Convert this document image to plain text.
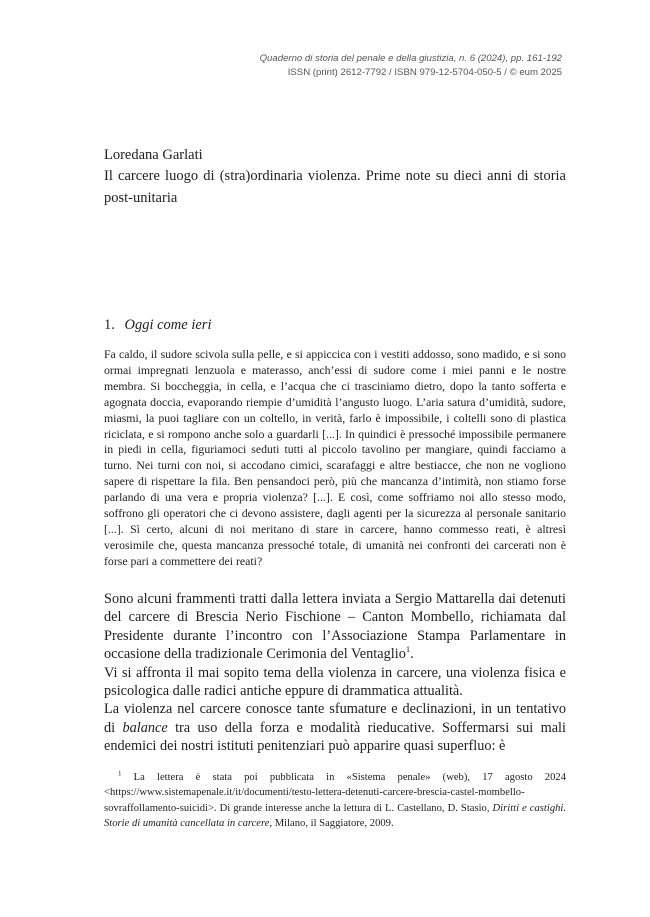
Quaderno di storia del penale e della giustizia, n. 6 (2024), pp. 161-192
ISSN (print) 2612-7792 / ISBN 979-12-5704-050-5 / © eum 2025
Loredana Garlati
Il carcere luogo di (stra)ordinaria violenza. Prime note su dieci anni di storia post-unitaria
1. Oggi come ieri

Fa caldo, il sudore scivola sulla pelle, e si appiccica con i vestiti addosso, sono madido, e si sono ormai impregnati lenzuola e materasso, anch’essi di sudore come i miei panni e le nostre membra. Si boccheggia, in cella, e l’acqua che ci trasciniamo dietro, dopo la tanto sofferta e agognata doccia, evaporando riempie d’umidità l’angusto luogo. L’aria satura d’umidità, sudore, miasmi, la puoi tagliare con un coltello, in verità, farlo è impossibile, i coltelli sono di plastica riciclata, e si rompono anche solo a guardarli [...]. In quindici è pressoché impossibile permanere in piedi in cella, figuriamoci seduti tutti al piccolo tavolino per mangiare, quindi facciamo a turno. Nei turni con noi, si accodano cimici, scarafaggi e altre bestiacce, che non ne vogliono sapere di rispettare la fila. Ben pensandoci però, più che mancanza d’intimità, non stiamo forse parlando di una vera e propria violenza? [...]. E così, come soffriamo noi allo stesso modo, soffrono gli operatori che ci devono assistere, dagli agenti per la sicurezza al personale sanitario [...]. Sì certo, alcuni di noi meritano di stare in carcere, hanno commesso reati, è altresì verosimile che, questa mancanza pressoché totale, di umanità nei confronti dei carcerati non è forse pari a commettere dei reati?

Sono alcuni frammenti tratti dalla lettera inviata a Sergio Mattarella dai detenuti del carcere di Brescia Nerio Fischione – Canton Mombello, richiamata dal Presidente durante l’incontro con l’Associazione Stampa Parlamentare in occasione della tradizionale Cerimonia del Ventaglio$^1$.

Vi si affronta il mai sopito tema della violenza in carcere, una violenza fisica e psicologica dalle radici antiche eppure di drammatica attualità.

La violenza nel carcere conosce tante sfumature e declinazioni, in un tentativo di balance tra uso della forza e modalità rieducative. Soffermarsi sui mali endemici dei nostri istituti penitenziari può apparire quasi superfluo: è

$^1$ La lettera è stata poi pubblicata in «Sistema penale» (web), 17 agosto 2024 <https://www.sistemapenale.it/it/documenti/testo-lettera-detenuti-carcere-brescia-castel-mombello-sovraffollamento-suicidi>. Di grande interesse anche la lettura di L. Castellano, D. Stasio, Diritti e castighi. Storie di umanità cancellata in carcere, Milano, il Saggiatore, 2009.
